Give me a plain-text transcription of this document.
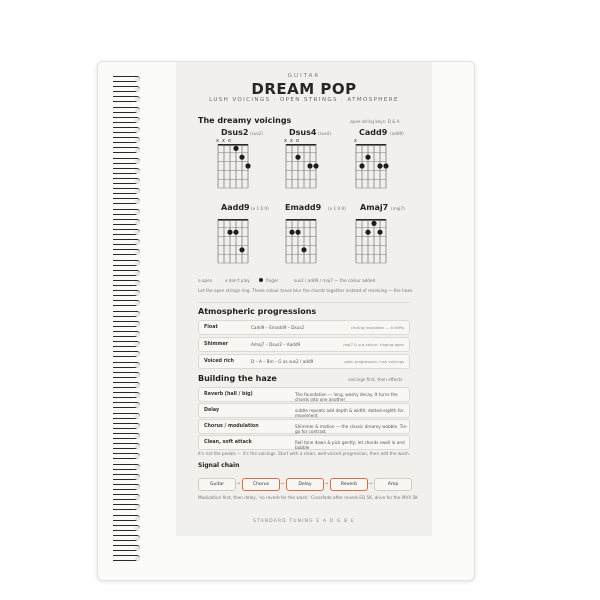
GUITAR
DREAM POP
LUSH VOICINGS · OPEN STRINGS · ATMOSPHERE
The dreamy voicings	open-string keys: D & A
Dsus2 (sus2)	Dsus4 (sus4)	Cadd9 (add9)
Aadd9 (x 1 0 9) Emadd9 (x 1 0 9) Amaj7 (maj7)
x x o	x x o	x
o open	x don't play	finger	sus2 / add9 / maj7 — the colour added
Let the open strings ring. These colour tones blur the chords together instead of resolving — the haze.
Atmospheric progressions
Float	Cadd9 – Emadd9 – Dsus2	circling resolution — it drifts
Shimmer	Amaj7 – Dsus2 – Aadd9	maj7 & sus colour, ringing open
Voiced rich	D – A – Bm – G as sus2 / add9	plain progression, lush voicings
Building the haze	voicings first, then effects
Reverb (hall / big)	The foundation — long, washy decay. It turns the chords into one another
Delay	subtle repeats add depth & width; dotted-eighth for movement
Chorus / modulation	Shimmer & motion — the classic dreamy wobble. Tie-go for contrast
Clean, soft attack	Roll tone down & pick gently; let chords swell in and bubble
It's not the pedals — it's the voicings. Start with a clean, well-voiced progression, then add the wash.
Signal chain
Guitar	→	Chorus	→	Delay	→	Reverb	→	Amp
Modulation first, then delay, 'no reverb for the wash.' Crossfade after reverb EQ 5K, drive for the MVV 5K
STANDARD TUNING E A D G B E
